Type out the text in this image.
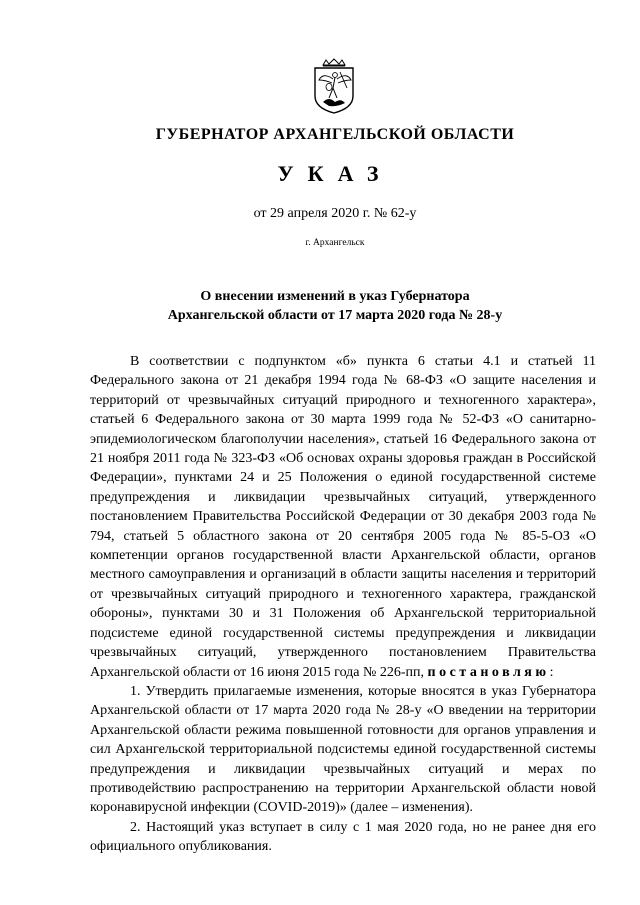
ГУБЕРНАТОР АРХАНГЕЛЬСКОЙ ОБЛАСТИ
УКАЗ
от 29 апреля 2020 г. № 62-у
г. Архангельск
О внесении изменений в указ Губернатора
Архангельской области от 17 марта 2020 года № 28-у

В соответствии с подпунктом «б» пункта 6 статьи 4.1 и статьей 11 Федерального закона от 21 декабря 1994 года № 68-ФЗ «О защите населения и территорий от чрезвычайных ситуаций природного и техногенного характера», статьей 6 Федерального закона от 30 марта 1999 года № 52-ФЗ «О санитарно-эпидемиологическом благополучии населения», статьей 16 Федерального закона от 21 ноября 2011 года № 323-ФЗ «Об основах охраны здоровья граждан в Российской Федерации», пунктами 24 и 25 Положения о единой государственной системе предупреждения и ликвидации чрезвычайных ситуаций, утвержденного постановлением Правительства Российской Федерации от 30 декабря 2003 года № 794, статьей 5 областного закона от 20 сентября 2005 года № 85-5-ОЗ «О компетенции органов государственной власти Архангельской области, органов местного самоуправления и организаций в области защиты населения и территорий от чрезвычайных ситуаций природного и техногенного характера, гражданской обороны», пунктами 30 и 31 Положения об Архангельской территориальной подсистеме единой государственной системы предупреждения и ликвидации чрезвычайных ситуаций, утвержденного постановлением Правительства Архангельской области от 16 июня 2015 года № 226-пп, постановляю:

1. Утвердить прилагаемые изменения, которые вносятся в указ Губернатора Архангельской области от 17 марта 2020 года № 28-у «О введении на территории Архангельской области режима повышенной готовности для органов управления и сил Архангельской территориальной подсистемы единой государственной системы предупреждения и ликвидации чрезвычайных ситуаций и мерах по противодействию распространению на территории Архангельской области новой коронавирусной инфекции (COVID-2019)» (далее – изменения).

2. Настоящий указ вступает в силу с 1 мая 2020 года, но не ранее дня его официального опубликования.
